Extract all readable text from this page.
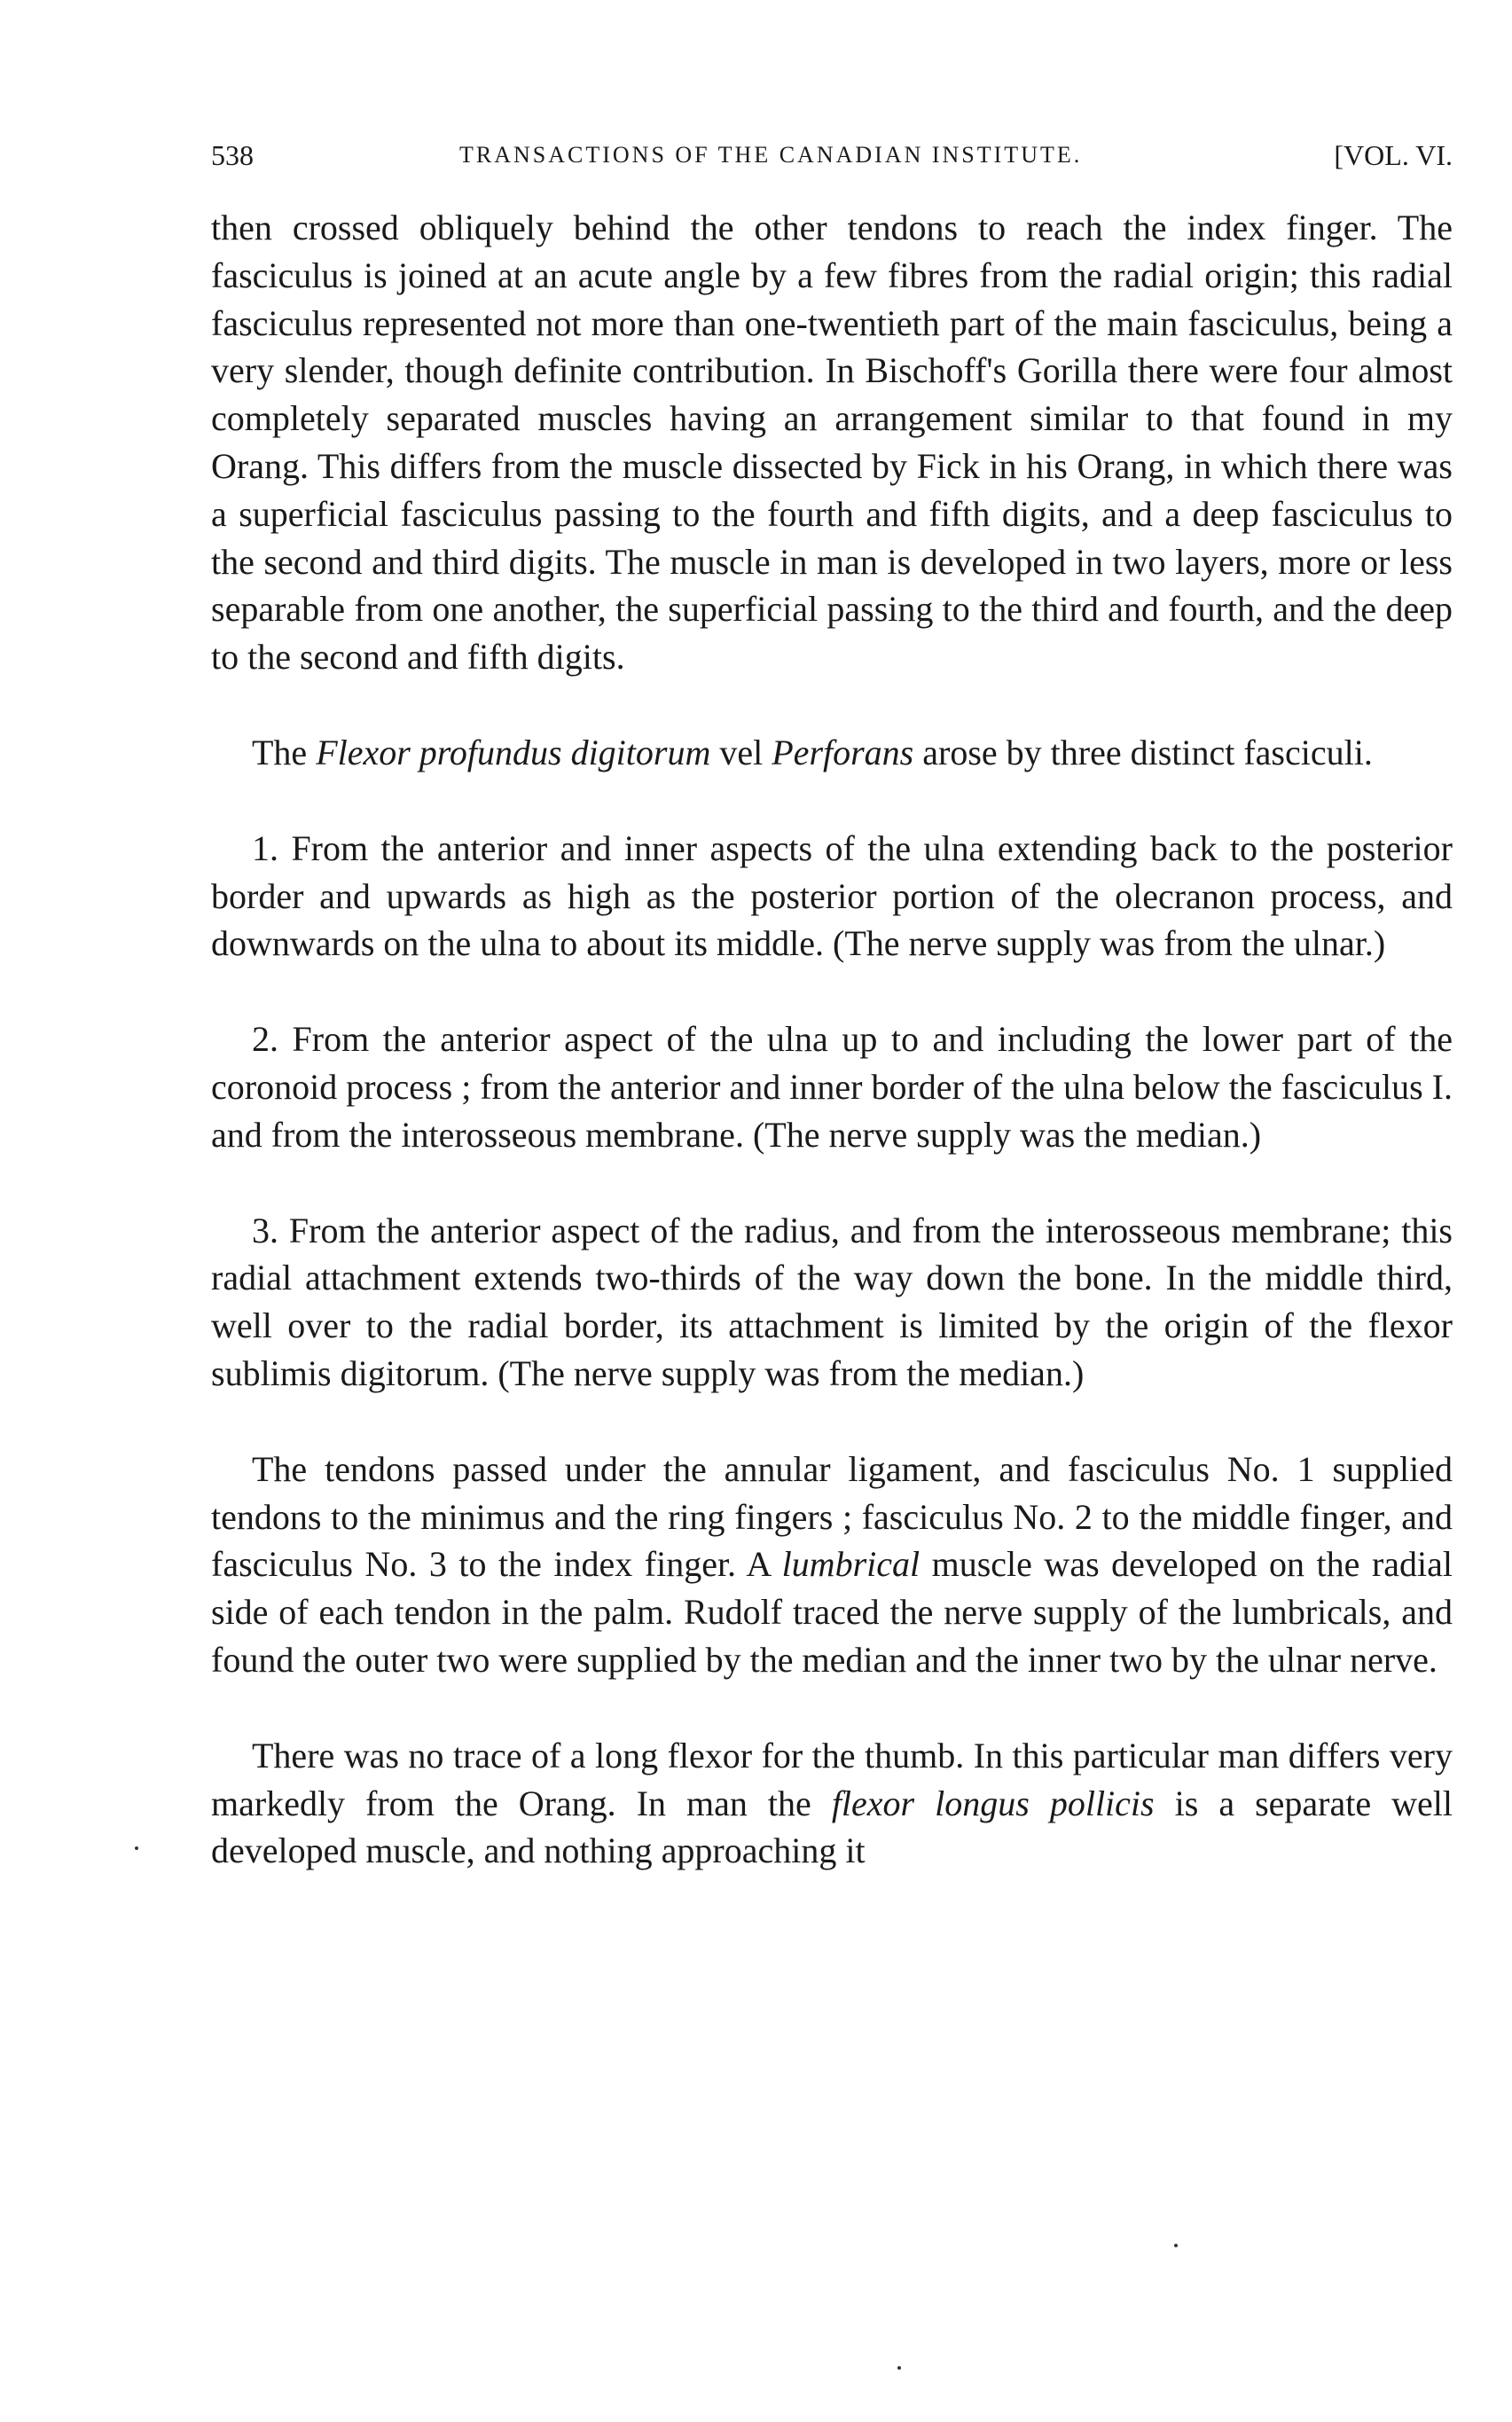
538	TRANSACTIONS OF THE CANADIAN INSTITUTE.	[VOL. VI.

then crossed obliquely behind the other tendons to reach the index finger. The fasciculus is joined at an acute angle by a few fibres from the radial origin; this radial fasciculus represented not more than one-twentieth part of the main fasciculus, being a very slender, though definite contribution. In Bischoff's Gorilla there were four almost completely separated muscles having an arrangement similar to that found in my Orang. This differs from the muscle dissected by Fick in his Orang, in which there was a superficial fasciculus passing to the fourth and fifth digits, and a deep fasciculus to the second and third digits. The muscle in man is developed in two layers, more or less separable from one another, the superficial passing to the third and fourth, and the deep to the second and fifth digits.

The Flexor profundus digitorum vel Perforans arose by three distinct fasciculi.

1. From the anterior and inner aspects of the ulna extending back to the posterior border and upwards as high as the posterior portion of the olecranon process, and downwards on the ulna to about its middle. (The nerve supply was from the ulnar.)

2. From the anterior aspect of the ulna up to and including the lower part of the coronoid process ; from the anterior and inner border of the ulna below the fasciculus I. and from the interosseous membrane. (The nerve supply was the median.)

3. From the anterior aspect of the radius, and from the interosseous membrane; this radial attachment extends two-thirds of the way down the bone. In the middle third, well over to the radial border, its attachment is limited by the origin of the flexor sublimis digitorum. (The nerve supply was from the median.)

The tendons passed under the annular ligament, and fasciculus No. 1 supplied tendons to the minimus and the ring fingers ; fasciculus No. 2 to the middle finger, and fasciculus No. 3 to the index finger. A lumbrical muscle was developed on the radial side of each tendon in the palm. Rudolf traced the nerve supply of the lumbricals, and found the outer two were supplied by the median and the inner two by the ulnar nerve.

There was no trace of a long flexor for the thumb. In this particular man differs very markedly from the Orang. In man the flexor longus pollicis is a separate well developed muscle, and nothing approaching it
